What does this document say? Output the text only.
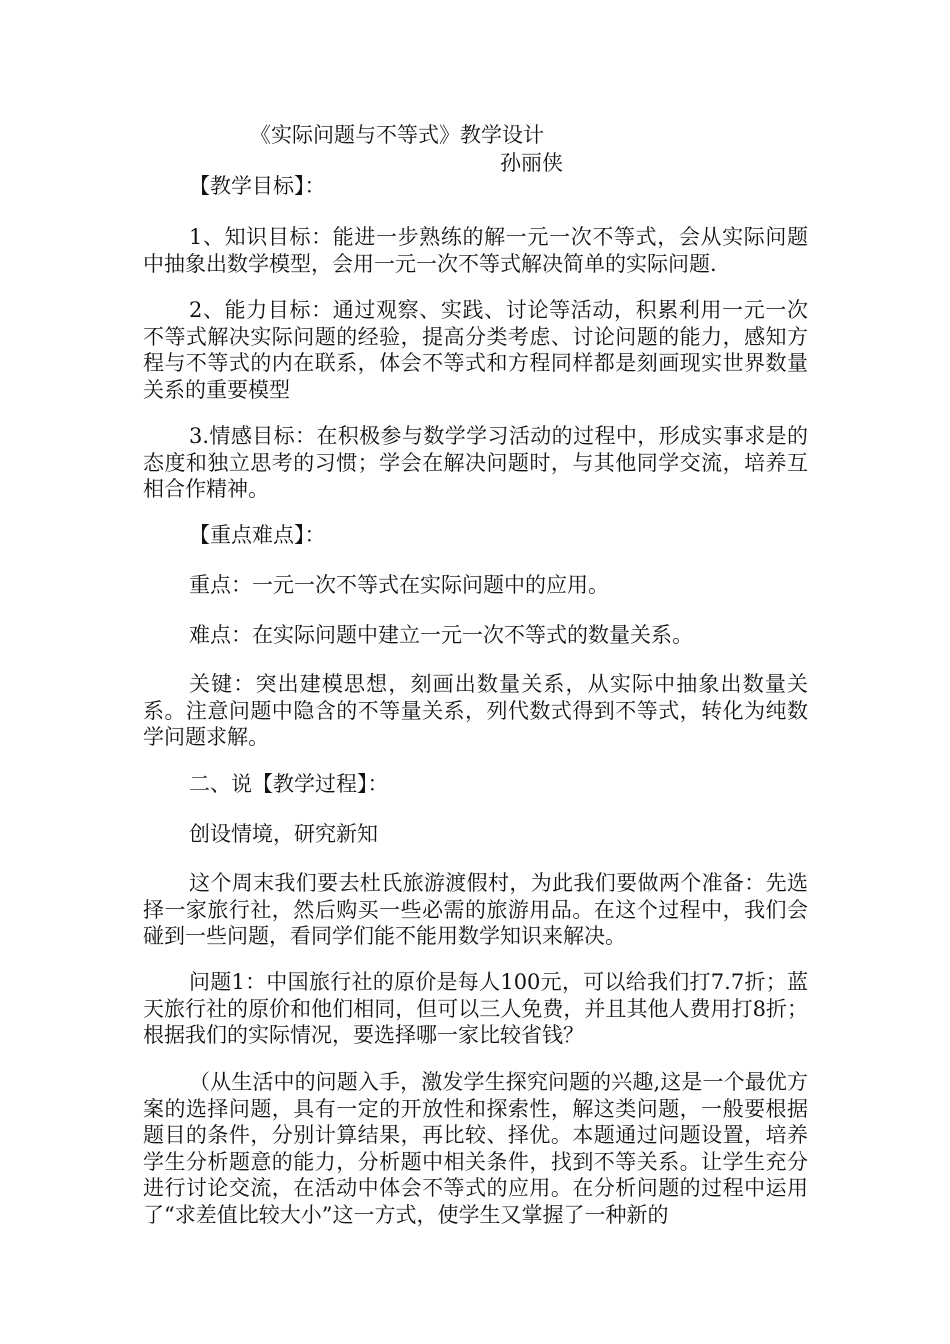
《实际问题与不等式》教学设计
孙丽侠

【教学目标】：

1、知识目标：能进一步熟练的解一元一次不等式，会从实际问题中抽象出数学模型，会用一元一次不等式解决简单的实际问题.

2、能力目标：通过观察、实践、讨论等活动，积累利用一元一次不等式解决实际问题的经验，提高分类考虑、讨论问题的能力，感知方程与不等式的内在联系，体会不等式和方程同样都是刻画现实世界数量关系的重要模型

3.情感目标：在积极参与数学学习活动的过程中，形成实事求是的态度和独立思考的习惯；学会在解决问题时，与其他同学交流，培养互相合作精神。

【重点难点】：

重点：一元一次不等式在实际问题中的应用。

难点：在实际问题中建立一元一次不等式的数量关系。

关键：突出建模思想，刻画出数量关系，从实际中抽象出数量关系。注意问题中隐含的不等量关系，列代数式得到不等式，转化为纯数学问题求解。

二、说【教学过程】：

创设情境，研究新知

这个周末我们要去杜氏旅游渡假村，为此我们要做两个准备：先选择一家旅行社，然后购买一些必需的旅游用品。在这个过程中，我们会碰到一些问题，看同学们能不能用数学知识来解决。

问题1：中国旅行社的原价是每人100元，可以给我们打7.7折；蓝天旅行社的原价和他们相同，但可以三人免费，并且其他人费用打8折；根据我们的实际情况，要选择哪一家比较省钱？

（从生活中的问题入手，激发学生探究问题的兴趣,这是一个最优方案的选择问题，具有一定的开放性和探索性，解这类问题，一般要根据题目的条件，分别计算结果，再比较、择优。本题通过问题设置，培养学生分析题意的能力，分析题中相关条件，找到不等关系。让学生充分进行讨论交流，在活动中体会不等式的应用。在分析问题的过程中运用了“求差值比较大小”这一方式，使学生又掌握了一种新的
